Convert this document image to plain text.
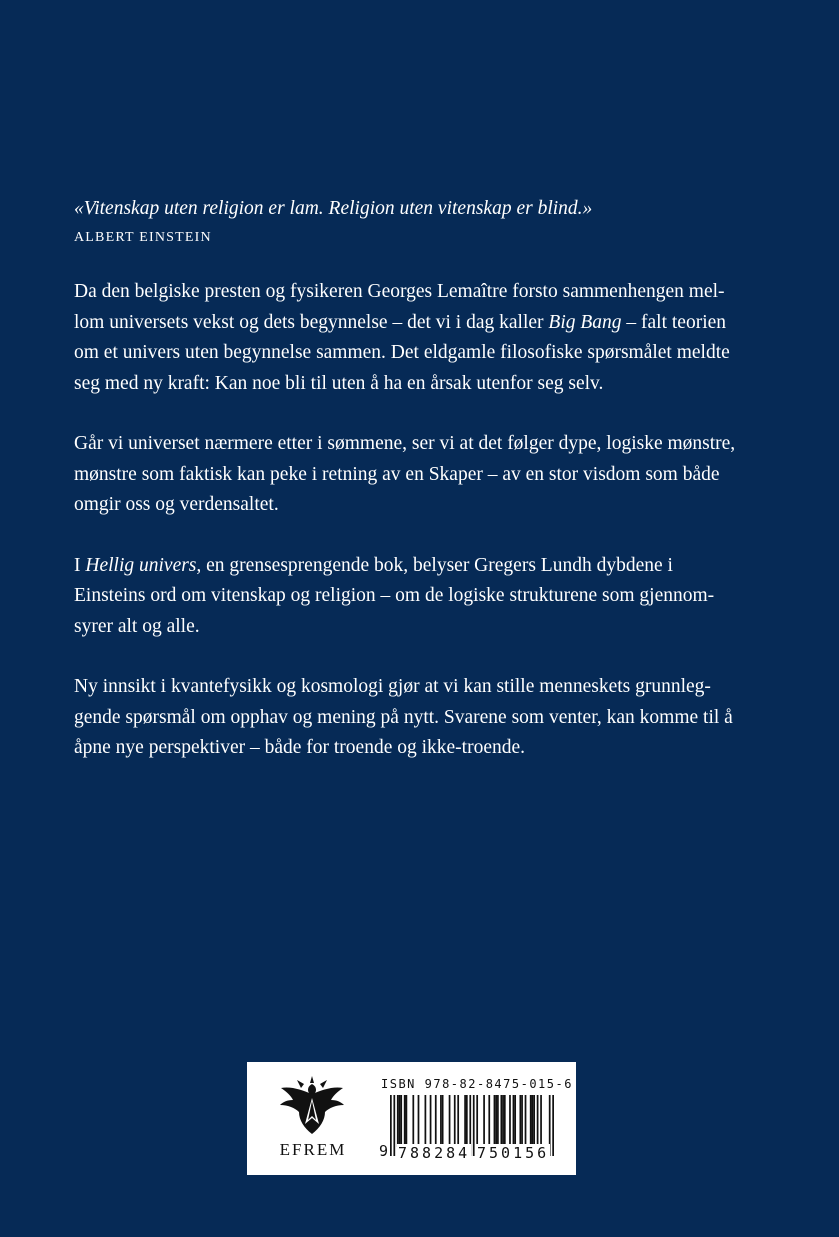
«Vitenskap uten religion er lam. Religion uten vitenskap er blind.»

ALBERT EINSTEIN

Da den belgiske presten og fysikeren Georges Lemaître forsto sammenhengen mel-
lom universets vekst og dets begynnelse – det vi i dag kaller Big Bang – falt teorien
om et univers uten begynnelse sammen. Det eldgamle filosofiske spørsmålet meldte
seg med ny kraft: Kan noe bli til uten å ha en årsak utenfor seg selv.

Går vi universet nærmere etter i sømmene, ser vi at det følger dype, logiske mønstre,
mønstre som faktisk kan peke i retning av en Skaper – av en stor visdom som både
omgir oss og verdensaltet.

I Hellig univers, en grensesprengende bok, belyser Gregers Lundh dybdene i
Einsteins ord om vitenskap og religion – om de logiske strukturene som gjennom-
syrer alt og alle.

Ny innsikt i kvantefysikk og kosmologi gjør at vi kan stille menneskets grunnleg-
gende spørsmål om opphav og mening på nytt. Svarene som venter, kan komme til å
åpne nye perspektiver – både for troende og ikke-troende.

EFREM
ISBN 978-82-8475-015-6
9 788284 750156
